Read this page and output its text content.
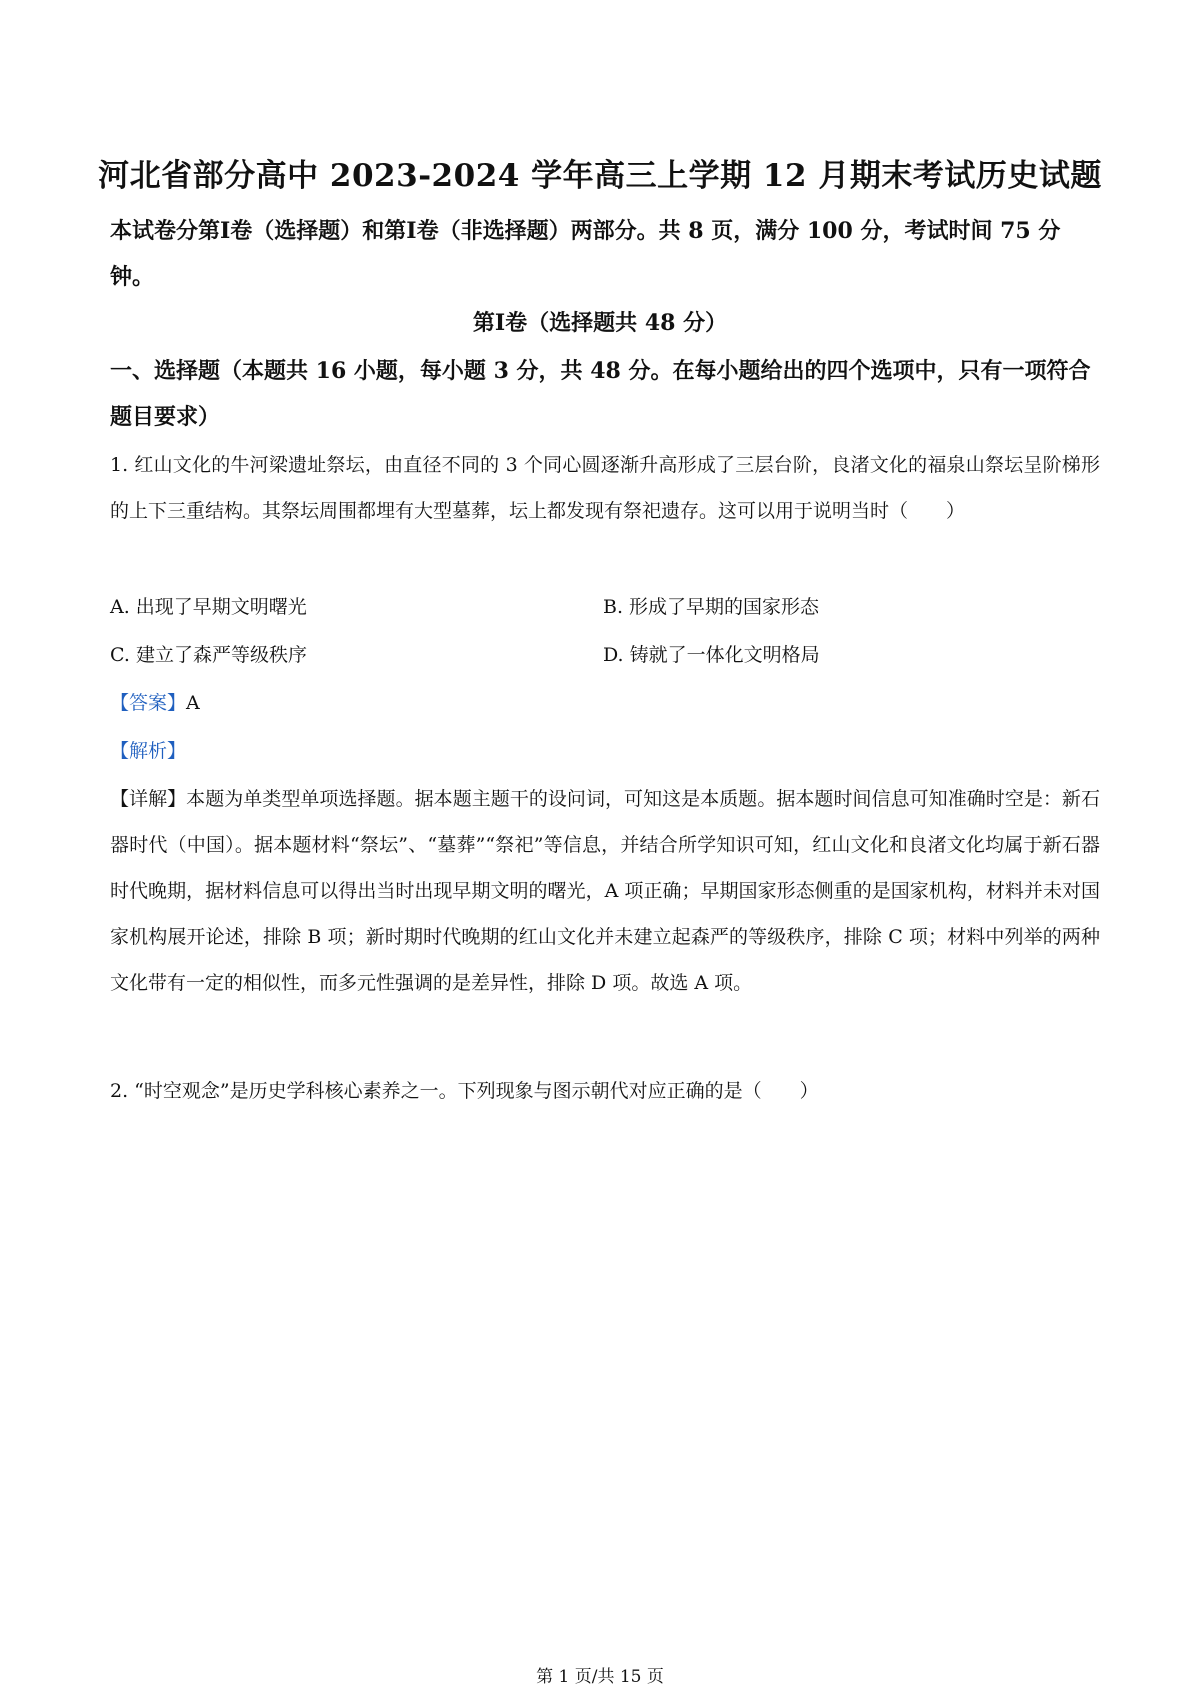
河北省部分高中 2023-2024 学年高三上学期 12 月期末考试历史试题
本试卷分第Ⅰ卷（选择题）和第Ⅰ卷（非选择题）两部分。共 8 页，满分 100 分，考试时间 75 分钟。
第Ⅰ卷（选择题共 48 分）
一、选择题（本题共 16 小题，每小题 3 分，共 48 分。在每小题给出的四个选项中，只有一项符合题目要求）
1. 红山文化的牛河梁遗址祭坛，由直径不同的 3 个同心圆逐渐升高形成了三层台阶，良渚文化的福泉山祭坛呈阶梯形的上下三重结构。其祭坛周围都埋有大型墓葬，坛上都发现有祭祀遗存。这可以用于说明当时（　　）
A. 出现了早期文明曙光	B. 形成了早期的国家形态
C. 建立了森严等级秩序	D. 铸就了一体化文明格局
【答案】A
【解析】
【详解】本题为单类型单项选择题。据本题主题干的设问词，可知这是本质题。据本题时间信息可知准确时空是：新石器时代（中国）。据本题材料“祭坛”、“墓葬”“祭祀”等信息，并结合所学知识可知，红山文化和良渚文化均属于新石器时代晚期，据材料信息可以得出当时出现早期文明的曙光，A 项正确；早期国家形态侧重的是国家机构，材料并未对国家机构展开论述，排除 B 项；新时期时代晚期的红山文化并未建立起森严的等级秩序，排除 C 项；材料中列举的两种文化带有一定的相似性，而多元性强调的是差异性，排除 D 项。故选 A 项。
2. “时空观念”是历史学科核心素养之一。下列现象与图示朝代对应正确的是（　　）
第 1 页/共 15 页
